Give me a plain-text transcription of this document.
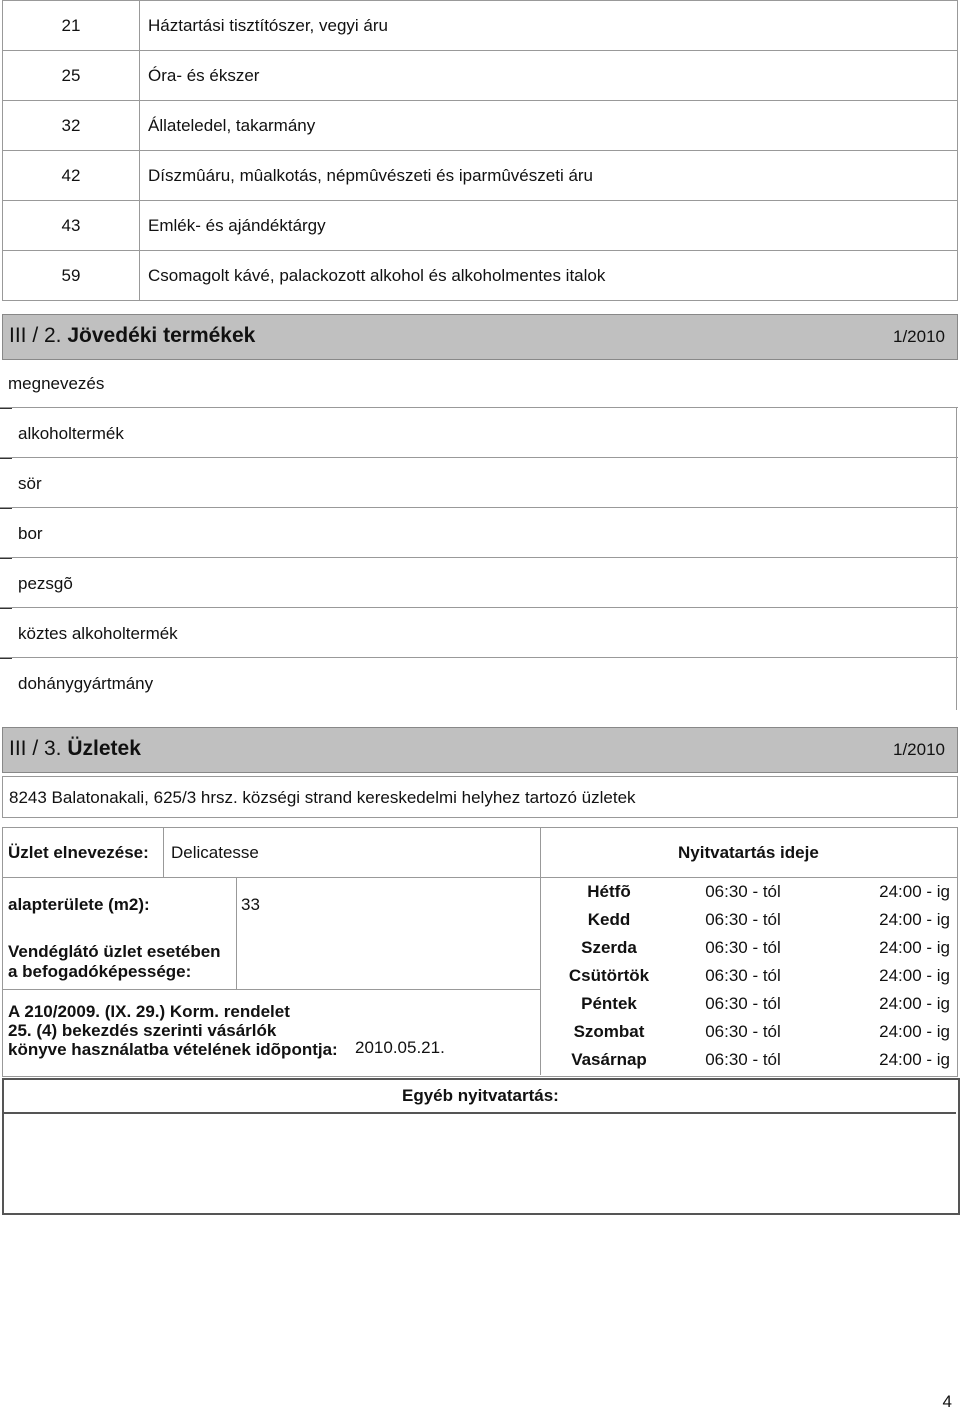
21	Háztartási tisztítószer, vegyi áru
25	Óra- és ékszer
32	Állateledel, takarmány
42	Díszmûáru, mûalkotás, népmûvészeti és iparmûvészeti áru
43	Emlék- és ajándéktárgy
59	Csomagolt kávé, palackozott alkohol és alkoholmentes italok
III / 2. Jövedéki termékek	1/2010
megnevezés
alkoholtermék
sör
bor
pezsgõ
köztes alkoholtermék
dohánygyártmány
III / 3. Üzletek	1/2010
8243 Balatonakali, 625/3 hrsz. községi strand kereskedelmi helyhez tartozó üzletek
Üzlet elnevezése: Delicatesse	Nyitvatartás ideje
alapterülete (m2):	33
Vendéglátó üzlet esetében
a befogadóképessége:
A 210/2009. (IX. 29.) Korm. rendelet
25. (4) bekezdés szerinti vásárlók
könyve használatba vételének idõpontja: 2010.05.21.
Hétfõ	06:30 - tól	24:00 - ig
Kedd	06:30 - tól	24:00 - ig
Szerda	06:30 - tól	24:00 - ig
Csütörtök	06:30 - tól	24:00 - ig
Péntek	06:30 - tól	24:00 - ig
Szombat	06:30 - tól	24:00 - ig
Vasárnap	06:30 - tól	24:00 - ig
Egyéb nyitvatartás:
4
